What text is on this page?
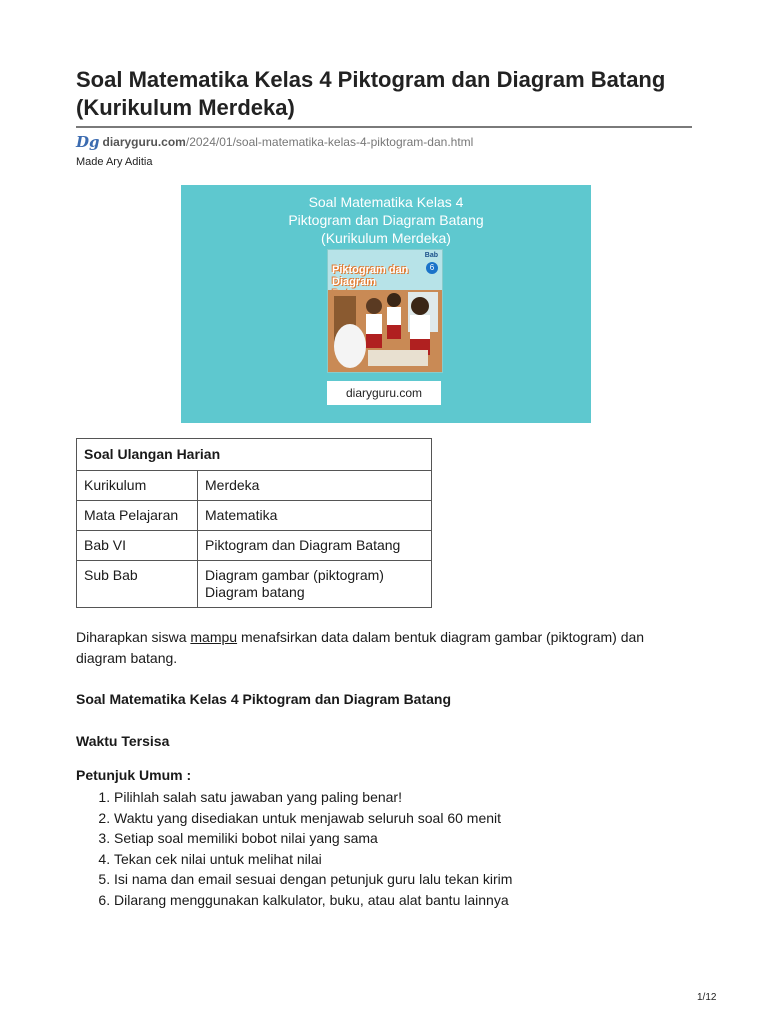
Soal Matematika Kelas 4 Piktogram dan Diagram Batang (Kurikulum Merdeka)
Dg diaryguru.com /2024/01/soal-matematika-kelas-4-piktogram-dan.html
Made Ary Aditia
Soal Matematika Kelas 4
Piktogram dan Diagram Batang
(Kurikulum Merdeka)
Bab
6
Piktogram dan Diagram
diaryguru.com
Soal Ulangan Harian	
Kurikulum	Merdeka
Mata Pelajaran	Matematika
Bab VI	Piktogram dan Diagram Batang
Sub Bab	Diagram gambar (piktogram)
Diagram batang

Diharapkan siswa mampu menafsirkan data dalam bentuk diagram gambar (piktogram) dan diagram batang.

Soal Matematika Kelas 4 Piktogram dan Diagram Batang
Waktu Tersisa
Petunjuk Umum :
1. Pilihlah salah satu jawaban yang paling benar!
2. Waktu yang disediakan untuk menjawab seluruh soal 60 menit
3. Setiap soal memiliki bobot nilai yang sama
4. Tekan cek nilai untuk melihat nilai
5. Isi nama dan email sesuai dengan petunjuk guru lalu tekan kirim
6. Dilarang menggunakan kalkulator, buku, atau alat bantu lainnya
1/12
